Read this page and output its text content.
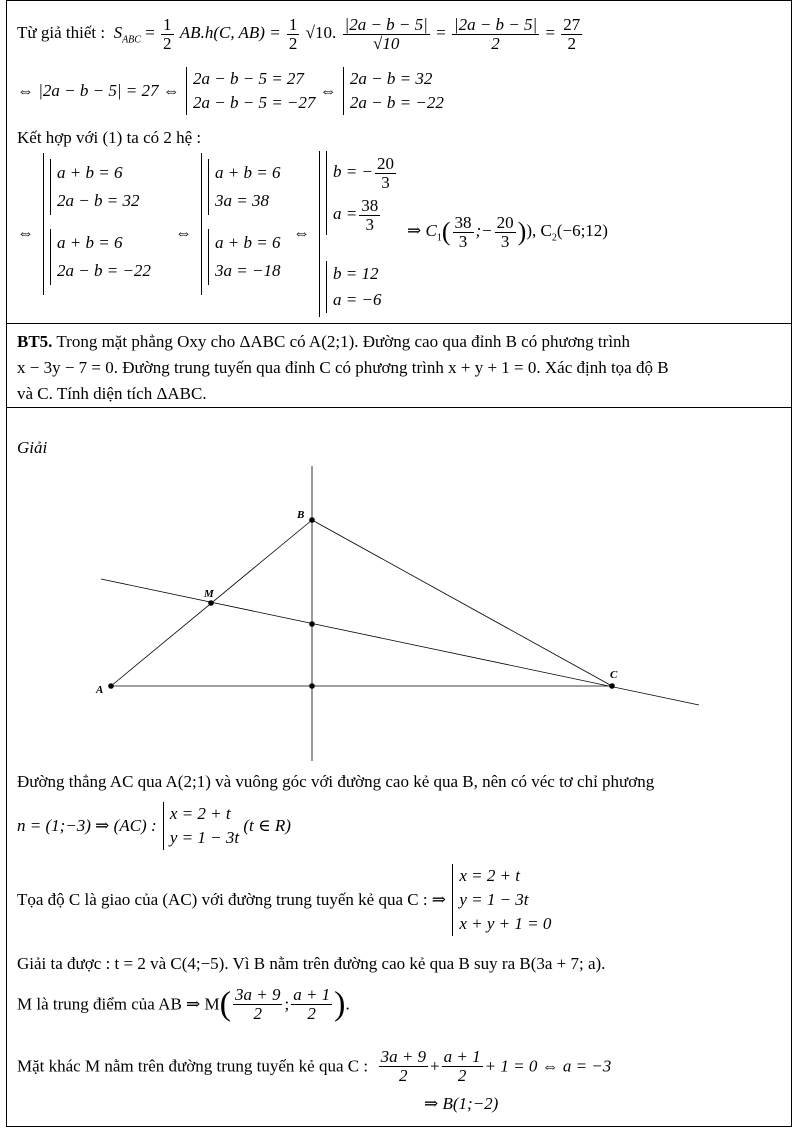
Từ giả thiết : $S_{ABC} = \frac{1}{2} AB.h(C$, $AB) = \frac{1}{2} √10$. $\frac{|2a - b - 5|}{√10} = \frac{|2a - b - 5|}{2} = \frac{27}{2}$
⇔ |2a − b − 5| = 27 ⇔
2a − b − 5 = 27
2a − b − 5 = −27
⇔
2a − b = 32
2a − b = −22
Kết hợp với (1) ta có 2 hệ :
⇔
a + b = 6
2a − b = 32
a + b = 6
2a − b = −22
⇔
a + b = 6
3a = 38
a + b = 6
3a = −18
⇔
b = − $\frac{20}{3}$
$a = \frac{38}{3}$
b = 12
a = −6
⇒ $C_1( \frac{38}{3}$ ;− $\frac{20}{3}$ )), $C_2(-6;12)$
BT5. Trong mặt phẳng Oxy cho ΔABC có A(2;1). Đường cao qua đỉnh B có phương trình
x − 3y − 7 = 0. Đường trung tuyến qua đỉnh C có phương trình x + y + 1 = 0. Xác định tọa độ B
và C. Tính diện tích ΔABC.
Giải
B
M
A
C
Đường thẳng AC qua A(2;1) và vuông góc với đường cao kẻ qua B, nên có véc tơ chỉ phương
n = (1;−3) ⇒ (AC) :
x = 2 + t
y = 1 − 3t
(t ∈ R)
Tọa độ C là giao của (AC) với đường trung tuyến kẻ qua C : ⇒
x = 2 + t
y = 1 − 3t
x + y + 1 = 0
Giải ta được : t = 2 và C(4;−5). Vì B nằm trên đường cao kẻ qua B suy ra B(3a + 7; a).
M là trung điểm của AB ⇒ $M( \frac{3a + 9}{2}$ ; $\frac{a + 1}{2}$ ).
Mặt khác M nằm trên đường trung tuyến kẻ qua C : $\frac{3a + 9}{2} + \frac{a + 1}{2} + 1 = 0$ ⇔ a = −3
⇒ B(1;−2)
